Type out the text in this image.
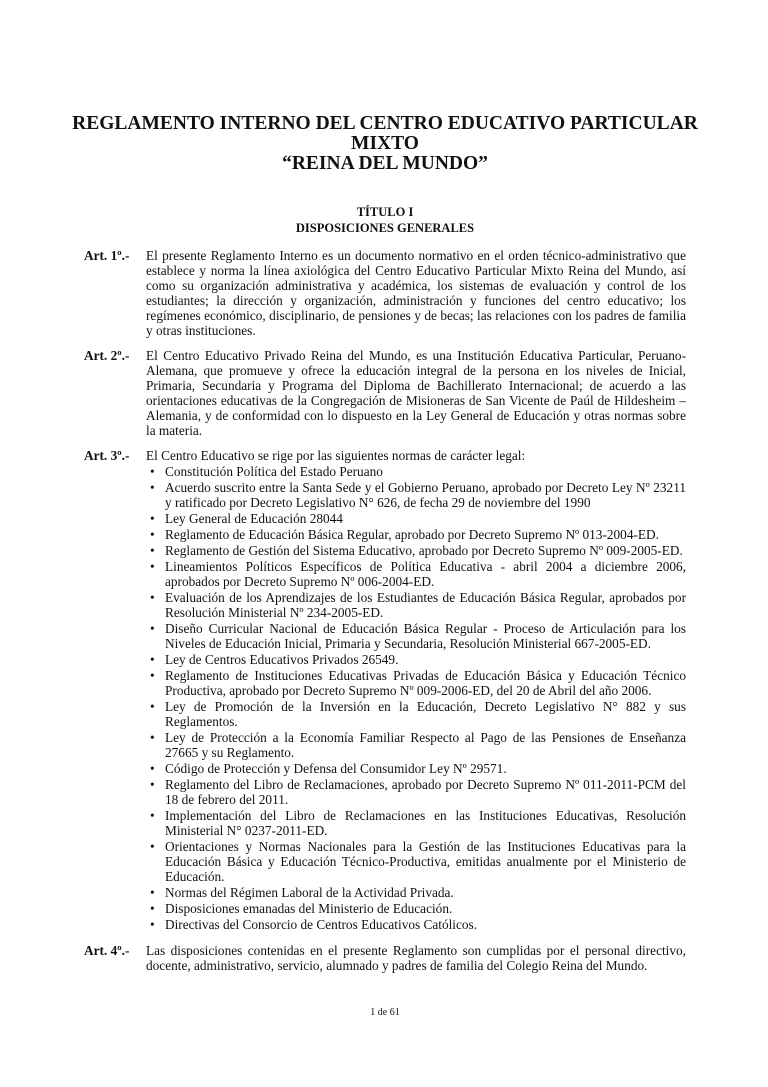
REGLAMENTO INTERNO DEL CENTRO EDUCATIVO PARTICULAR
MIXTO
“REINA DEL MUNDO”
TÍTULO I
DISPOSICIONES GENERALES
Art. 1º.-	El presente Reglamento Interno es un documento normativo en el orden técnico-administrativo que establece y norma la línea axiológica del Centro Educativo Particular Mixto Reina del Mundo, así como su organización administrativa y académica, los sistemas de evaluación y control de los estudiantes; la dirección y organización, administración y funciones del centro educativo; los regímenes económico, disciplinario, de pensiones y de becas; las relaciones con los padres de familia y otras instituciones.
Art. 2º.-	El Centro Educativo Privado Reina del Mundo, es una Institución Educativa Particular, Peruano-Alemana, que promueve y ofrece la educación integral de la persona en los niveles de Inicial, Primaria, Secundaria y Programa del Diploma de Bachillerato Internacional; de acuerdo a las orientaciones educativas de la Congregación de Misioneras de San Vicente de Paúl de Hildesheim – Alemania, y de conformidad con lo dispuesto en la Ley General de Educación y otras normas sobre la materia.
Art. 3º.-	El Centro Educativo se rige por las siguientes normas de carácter legal:
• Constitución Política del Estado Peruano
• Acuerdo suscrito entre la Santa Sede y el Gobierno Peruano, aprobado por Decreto Ley Nº 23211 y ratificado por Decreto Legislativo N° 626, de fecha 29 de noviembre del 1990
• Ley General de Educación 28044
• Reglamento de Educación Básica Regular, aprobado por Decreto Supremo Nº 013-2004-ED.
• Reglamento de Gestión del Sistema Educativo, aprobado por Decreto Supremo Nº 009-2005-ED.
• Lineamientos Políticos Específicos de Política Educativa - abril 2004 a diciembre 2006, aprobados por Decreto Supremo Nº 006-2004-ED.
• Evaluación de los Aprendizajes de los Estudiantes de Educación Básica Regular, aprobados por Resolución Ministerial Nº 234-2005-ED.
• Diseño Curricular Nacional de Educación Básica Regular - Proceso de Articulación para los Niveles de Educación Inicial, Primaria y Secundaria, Resolución Ministerial 667-2005-ED.
• Ley de Centros Educativos Privados 26549.
• Reglamento de Instituciones Educativas Privadas de Educación Básica y Educación Técnico Productiva, aprobado por Decreto Supremo Nº 009-2006-ED, del 20 de Abril del año 2006.
• Ley de Promoción de la Inversión en la Educación, Decreto Legislativo N° 882 y sus Reglamentos.
• Ley de Protección a la Economía Familiar Respecto al Pago de las Pensiones de Enseñanza 27665 y su Reglamento.
• Código de Protección y Defensa del Consumidor Ley Nº 29571.
• Reglamento del Libro de Reclamaciones, aprobado por Decreto Supremo Nº 011-2011-PCM del 18 de febrero del 2011.
• Implementación del Libro de Reclamaciones en las Instituciones Educativas, Resolución Ministerial N° 0237-2011-ED.
• Orientaciones y Normas Nacionales para la Gestión de las Instituciones Educativas para la Educación Básica y Educación Técnico-Productiva, emitidas anualmente por el Ministerio de Educación.
• Normas del Régimen Laboral de la Actividad Privada.
• Disposiciones emanadas del Ministerio de Educación.
• Directivas del Consorcio de Centros Educativos Católicos.
Art. 4º.-	Las disposiciones contenidas en el presente Reglamento son cumplidas por el personal directivo, docente, administrativo, servicio, alumnado y padres de familia del Colegio Reina del Mundo.
1 de 61
